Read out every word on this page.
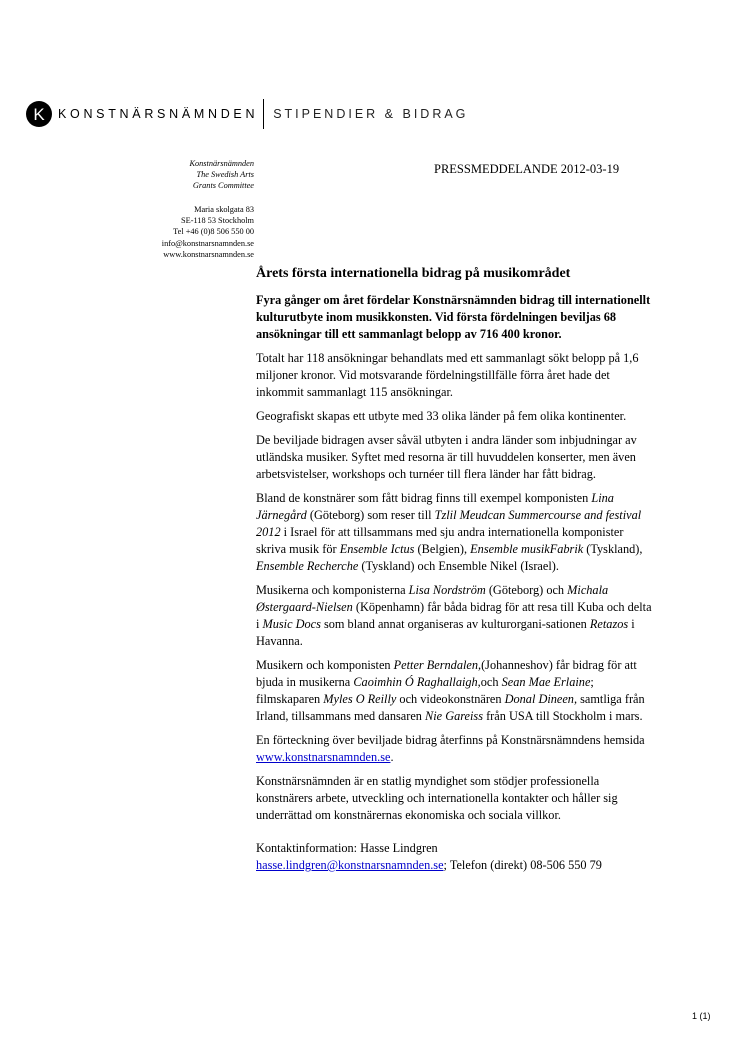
K KONSTNÄRSNÄMNDEN STIPENDIER & BIDRAG
Konstnärsnämnden
The Swedish Arts
Grants Committee
Maria skolgata 83
SE-118 53 Stockholm
Tel +46 (0)8 506 550 00
info@konstnarsnamnden.se
www.konstnarsnamnden.se
PRESSMEDDELANDE 2012-03-19
Årets första internationella bidrag på musikområdet

Fyra gånger om året fördelar Konstnärsnämnden bidrag till internationellt kulturutbyte inom musikkonsten. Vid första fördelningen beviljas 68 ansökningar till ett sammanlagt belopp av 716 400 kronor.

Totalt har 118 ansökningar behandlats med ett sammanlagt sökt belopp på 1,6 miljoner kronor. Vid motsvarande fördelningstillfälle förra året hade det inkommit sammanlagt 115 ansökningar.

Geografiskt skapas ett utbyte med 33 olika länder på fem olika kontinenter.

De beviljade bidragen avser såväl utbyten i andra länder som inbjudningar av utländska musiker. Syftet med resorna är till huvuddelen konserter, men även arbetsvistelser, workshops och turnéer till flera länder har fått bidrag.

Bland de konstnärer som fått bidrag finns till exempel komponisten Lina Järnegård (Göteborg) som reser till Tzlil Meudcan Summercourse and festival 2012 i Israel för att tillsammans med sju andra internationella komponister skriva musik för Ensemble Ictus (Belgien), Ensemble musikFabrik (Tyskland), Ensemble Recherche (Tyskland) och Ensemble Nikel (Israel).

Musikerna och komponisterna Lisa Nordström (Göteborg) och Michala Østergaard-Nielsen (Köpenhamn) får båda bidrag för att resa till Kuba och delta i Music Docs som bland annat organiseras av kulturorgani-sationen Retazos i Havanna.

Musikern och komponisten Petter Berndalen,(Johanneshov) får bidrag för att bjuda in musikerna Caoimhin Ó Raghallaigh,och Sean Mae Erlaine; filmskaparen Myles O Reilly och videokonstnären Donal Dineen, samtliga från Irland, tillsammans med dansaren Nie Gareiss från USA till Stockholm i mars.

En förteckning över beviljade bidrag återfinns på Konstnärsnämndens hemsida www.konstnarsnamnden.se.

Konstnärsnämnden är en statlig myndighet som stödjer professionella konstnärers arbete, utveckling och internationella kontakter och håller sig underrättad om konstnärernas ekonomiska och sociala villkor.

Kontaktinformation: Hasse Lindgren
hasse.lindgren@konstnarsnamnden.se; Telefon (direkt) 08-506 550 79

1 (1)
